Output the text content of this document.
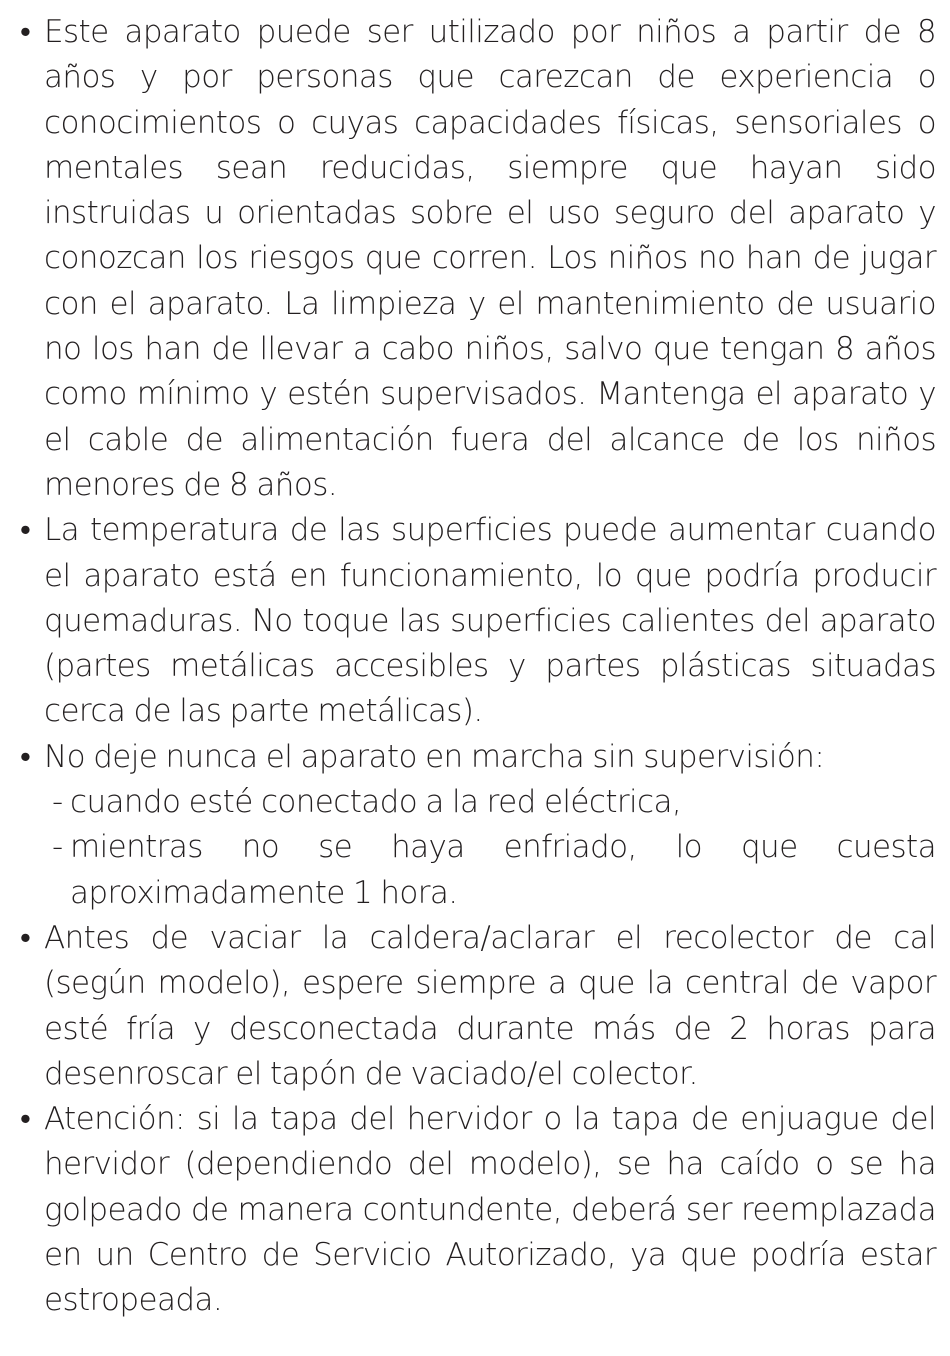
• Este aparato puede ser utilizado por niños a partir de 8 años y por personas que carezcan de experiencia o conocimientos o cuyas capacidades físicas, sensoriales o mentales sean reducidas, siempre que hayan sido instruidas u orientadas sobre el uso seguro del aparato y conozcan los riesgos que corren. Los niños no han de jugar con el aparato. La limpieza y el mantenimiento de usuario no los han de llevar a cabo niños, salvo que tengan 8 años como mínimo y estén supervisados. Mantenga el aparato y el cable de alimentación fuera del alcance de los niños menores de 8 años.
• La temperatura de las superficies puede aumentar cuando el aparato está en funcionamiento, lo que podría producir quemaduras. No toque las superficies calientes del aparato (partes metálicas accesibles y partes plásticas situadas cerca de las parte metálicas).
• No deje nunca el aparato en marcha sin supervisión:
- cuando esté conectado a la red eléctrica,
- mientras no se haya enfriado, lo que cuesta aproximadamente 1 hora.
• Antes de vaciar la caldera/aclarar el recolector de cal (según modelo), espere siempre a que la central de vapor esté fría y desconectada durante más de 2 horas para desenroscar el tapón de vaciado/el colector.
• Atención: si la tapa del hervidor o la tapa de enjuague del hervidor (dependiendo del modelo), se ha caído o se ha golpeado de manera contundente, deberá ser reemplazada en un Centro de Servicio Autorizado, ya que podría estar estropeada.
